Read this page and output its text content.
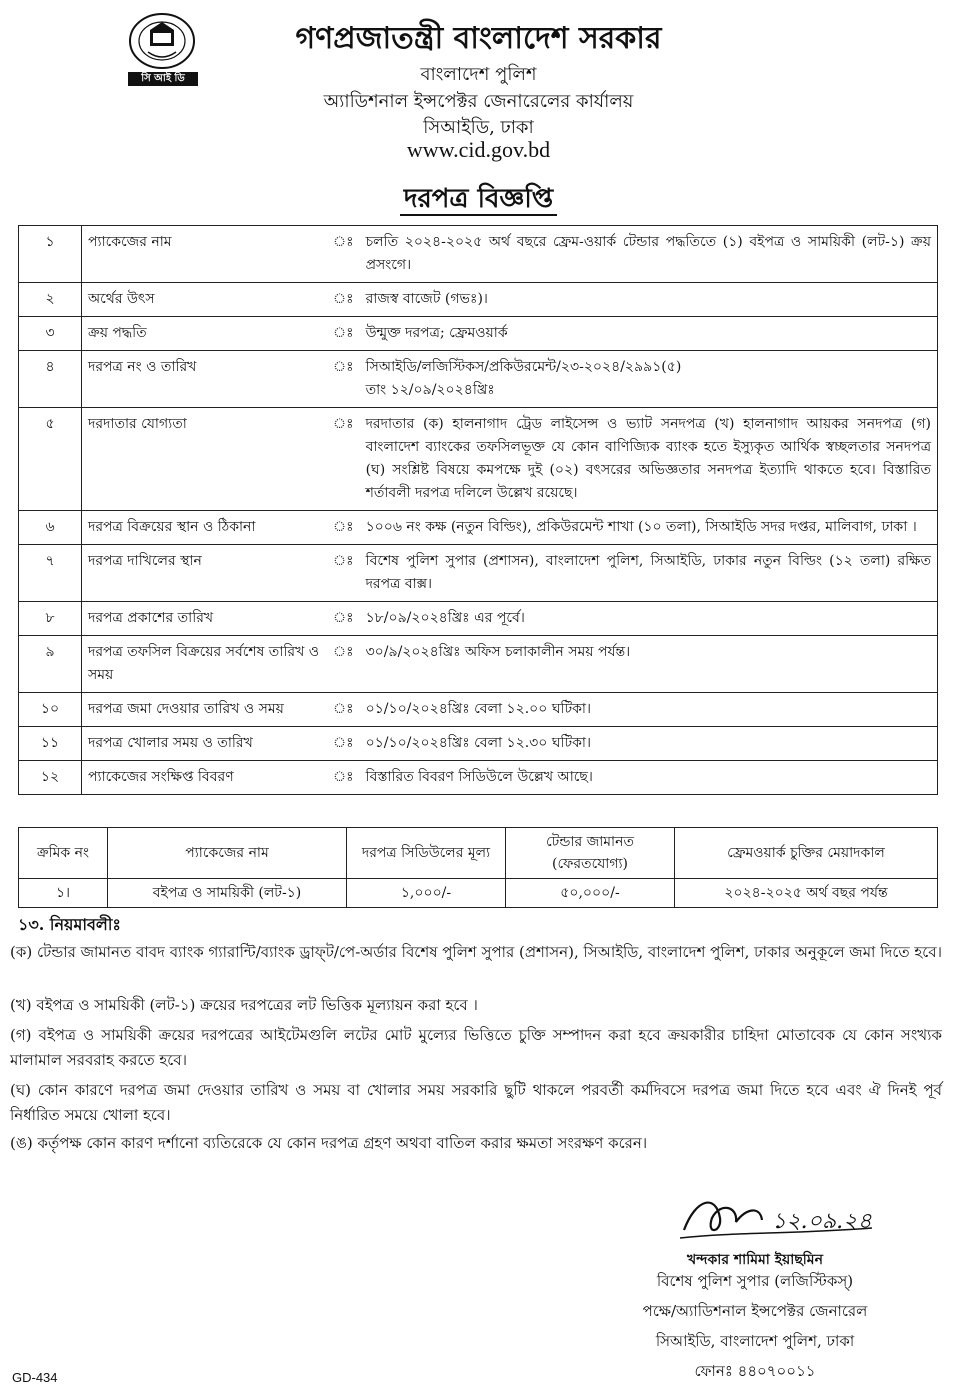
সি আই ডি
গণপ্রজাতন্ত্রী বাংলাদেশ সরকার
বাংলাদেশ পুলিশ
অ্যাডিশনাল ইন্সপেক্টর জেনারেলের কার্যালয়
সিআইডি, ঢাকা
www.cid.gov.bd
দরপত্র বিজ্ঞপ্তি
১	প্যাকেজের নাম	ঃ	চলতি ২০২৪-২০২৫ অর্থ বছরে ফ্রেম-ওয়ার্ক টেন্ডার পদ্ধতিতে (১) বইপত্র ও সাময়িকী (লট-১) ক্রয় প্রসংগে।

২	অর্থের উৎস	ঃ	রাজস্ব বাজেট (গভঃ)।

৩	ক্রয় পদ্ধতি	ঃ	উন্মুক্ত দরপত্র; ফ্রেমওয়ার্ক

৪	দরপত্র নং ও তারিখ	ঃ	সিআইডি/লজিস্টিকস/প্রকিউরমেন্ট/২৩-২০২৪/২৯৯১(৫)
তাং ১২/০৯/২০২৪খ্রিঃ

৫	দরদাতার যোগ্যতা	ঃ	দরদাতার (ক) হালনাগাদ ট্রেড লাইসেন্স ও ভ্যাট সনদপত্র (খ) হালনাগাদ আয়কর সনদপত্র (গ) বাংলাদেশ ব্যাংকের তফসিলভূক্ত যে কোন বাণিজ্যিক ব্যাংক হতে ইস্যুকৃত আর্থিক স্বচ্ছলতার সনদপত্র (ঘ) সংশ্লিষ্ট বিষয়ে কমপক্ষে দুই (০২) বৎসরের অভিজ্ঞতার সনদপত্র ইত্যাদি থাকতে হবে। বিস্তারিত শর্তাবলী দরপত্র দলিলে উল্লেখ রয়েছে।

৬	দরপত্র বিক্রয়ের স্থান ও ঠিকানা	ঃ	১০০৬ নং কক্ষ (নতুন বিল্ডিং), প্রকিউরমেন্ট শাখা (১০ তলা), সিআইডি সদর দপ্তর, মালিবাগ, ঢাকা ।

৭	দরপত্র দাখিলের স্থান	ঃ	বিশেষ পুলিশ সুপার (প্রশাসন), বাংলাদেশ পুলিশ, সিআইডি, ঢাকার নতুন বিল্ডিং (১২ তলা) রক্ষিত দরপত্র বাক্স।

৮	দরপত্র প্রকাশের তারিখ	ঃ	১৮/০৯/২০২৪খ্রিঃ এর পূর্বে।

৯	দরপত্র তফসিল বিক্রয়ের সর্বশেষ তারিখ ও সময়	ঃ	৩০/৯/২০২৪খ্রিঃ অফিস চলাকালীন সময় পর্যন্ত।

১০	দরপত্র জমা দেওয়ার তারিখ ও সময়	ঃ	০১/১০/২০২৪খ্রিঃ বেলা ১২.০০ ঘটিকা।

১১	দরপত্র খোলার সময় ও তারিখ	ঃ	০১/১০/২০২৪খ্রিঃ বেলা ১২.৩০ ঘটিকা।

১২	প্যাকেজের সংক্ষিপ্ত বিবরণ	ঃ	বিস্তারিত বিবরণ সিডিউলে উল্লেখ আছে।
ক্রমিক নং	প্যাকেজের নাম	দরপত্র সিডিউলের মূল্য	টেন্ডার জামানত (ফেরতযোগ্য)	ফ্রেমওয়ার্ক চুক্তির মেয়াদকাল
১।	বইপত্র ও সাময়িকী (লট-১)	১,০০০/-	৫০,০০০/-	২০২৪-২০২৫ অর্থ বছর পর্যন্ত
১৩. নিয়মাবলীঃ
(ক) টেন্ডার জামানত বাবদ ব্যাংক গ্যারান্টি/ব্যাংক ড্রাফ্‌ট/পে-অর্ডার বিশেষ পুলিশ সুপার (প্রশাসন), সিআইডি, বাংলাদেশ পুলিশ, ঢাকার অনুকূলে জমা দিতে হবে।
(খ) বইপত্র ও সাময়িকী (লট-১) ক্রয়ের দরপত্রের লট ভিত্তিক মূল্যায়ন করা হবে ।
(গ) বইপত্র ও সাময়িকী ক্রয়ের দরপত্রের আইটেমগুলি লটের মোট মুল্যের ভিত্তিতে চুক্তি সম্পাদন করা হবে ক্রয়কারীর চাহিদা মোতাবেক যে কোন সংখ্যক মালামাল সরবরাহ করতে হবে।
(ঘ) কোন কারণে দরপত্র জমা দেওয়ার তারিখ ও সময় বা খোলার সময় সরকারি ছুটি থাকলে পরবর্তী কর্মদিবসে দরপত্র জমা দিতে হবে এবং ঐ দিনই পূর্ব নির্ধারিত সময়ে খোলা হবে।
(ঙ) কর্তৃপক্ষ কোন কারণ দর্শানো ব্যতিরেকে যে কোন দরপত্র গ্রহণ অথবা বাতিল করার ক্ষমতা সংরক্ষণ করেন।
১২.০৯.২৪
খন্দকার শামিমা ইয়াছমিন
বিশেষ পুলিশ সুপার (লজিস্টিকস্‌)
পক্ষে/অ্যাডিশনাল ইন্সপেক্টর জেনারেল
সিআইডি, বাংলাদেশ পুলিশ, ঢাকা
ফোনঃ ৪৪০৭০০১১
GD-434
